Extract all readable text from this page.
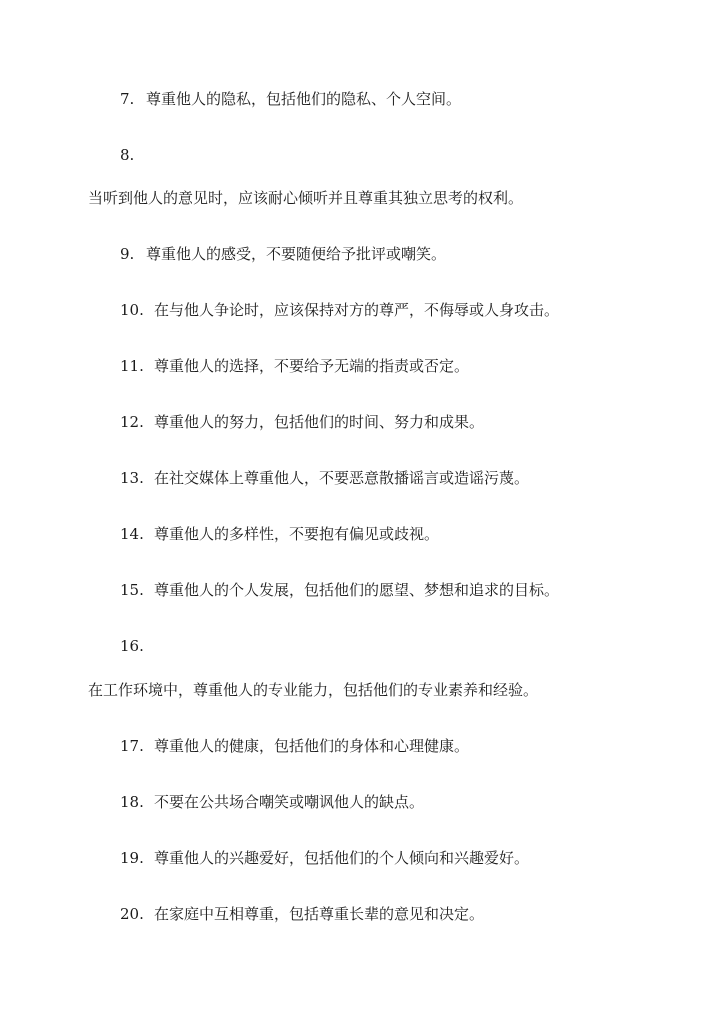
7. 尊重他人的隐私，包括他们的隐私、个人空间。
8.
当听到他人的意见时，应该耐心倾听并且尊重其独立思考的权利。
9. 尊重他人的感受，不要随便给予批评或嘲笑。
10. 在与他人争论时，应该保持对方的尊严，不侮辱或人身攻击。
11. 尊重他人的选择，不要给予无端的指责或否定。
12. 尊重他人的努力，包括他们的时间、努力和成果。
13. 在社交媒体上尊重他人，不要恶意散播谣言或造谣污蔑。
14. 尊重他人的多样性，不要抱有偏见或歧视。
15. 尊重他人的个人发展，包括他们的愿望、梦想和追求的目标。
16.
在工作环境中，尊重他人的专业能力，包括他们的专业素养和经验。
17. 尊重他人的健康，包括他们的身体和心理健康。
18. 不要在公共场合嘲笑或嘲讽他人的缺点。
19. 尊重他人的兴趣爱好，包括他们的个人倾向和兴趣爱好。
20. 在家庭中互相尊重，包括尊重长辈的意见和决定。
